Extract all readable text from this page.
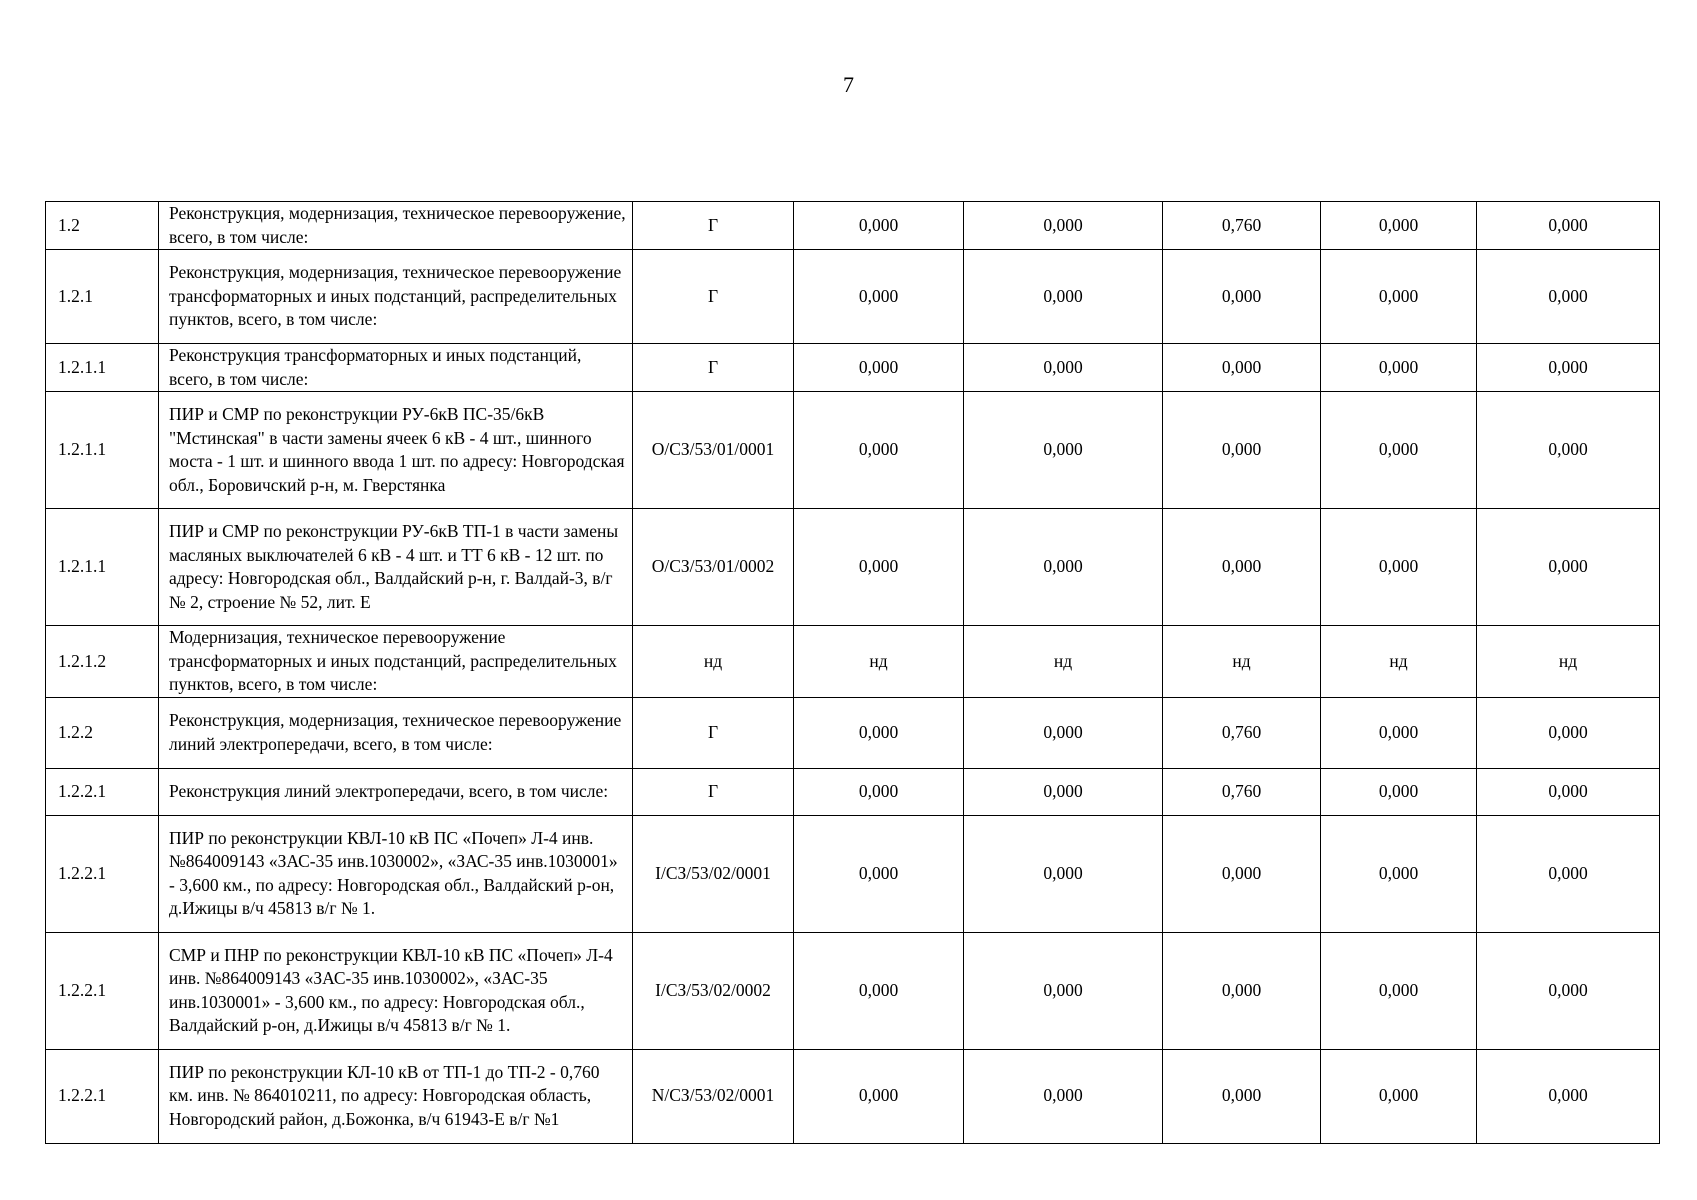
7
1.2	Реконструкция, модернизация, техническое перевооружение, всего, в том числе:	Г	0,000	0,000	0,760	0,000	0,000
1.2.1	Реконструкция, модернизация, техническое перевооружение трансформаторных и иных подстанций, распределительных пунктов, всего, в том числе:	Г	0,000	0,000	0,000	0,000	0,000
1.2.1.1	Реконструкция трансформаторных и иных подстанций, всего, в том числе:	Г	0,000	0,000	0,000	0,000	0,000
1.2.1.1	ПИР и СМР по реконструкции РУ-6кВ ПС-35/6кВ "Мстинская" в части замены ячеек 6 кВ - 4 шт., шинного моста - 1 шт. и шинного ввода 1 шт. по адресу: Новгородская обл., Боровичский р-н, м. Гверстянка	О/СЗ/53/01/0001	0,000	0,000	0,000	0,000	0,000
1.2.1.1	ПИР и СМР по реконструкции РУ-6кВ ТП-1 в части замены масляных выключателей 6 кВ - 4 шт. и ТТ 6 кВ - 12 шт. по адресу: Новгородская обл., Валдайский р-н, г. Валдай-3, в/г № 2, строение № 52, лит. Е	О/СЗ/53/01/0002	0,000	0,000	0,000	0,000	0,000
1.2.1.2	Модернизация, техническое перевооружение трансформаторных и иных подстанций, распределительных пунктов, всего, в том числе:	нд	нд	нд	нд	нд	нд
1.2.2	Реконструкция, модернизация, техническое перевооружение линий электропередачи, всего, в том числе:	Г	0,000	0,000	0,760	0,000	0,000
1.2.2.1	Реконструкция линий электропередачи, всего, в том числе:	Г	0,000	0,000	0,760	0,000	0,000
1.2.2.1	ПИР по реконструкции КВЛ-10 кВ ПС «Почеп» Л-4 инв. №864009143 «ЗАС-35 инв.1030002», «ЗАС-35 инв.1030001» - 3,600 км., по адресу: Новгородская обл., Валдайский р-он, д.Ижицы в/ч 45813 в/г № 1.	I/СЗ/53/02/0001	0,000	0,000	0,000	0,000	0,000
1.2.2.1	СМР и ПНР по реконструкции КВЛ-10 кВ ПС «Почеп» Л-4 инв. №864009143 «ЗАС-35 инв.1030002», «ЗАС-35 инв.1030001» - 3,600 км., по адресу: Новгородская обл., Валдайский р-он, д.Ижицы в/ч 45813 в/г № 1.	I/СЗ/53/02/0002	0,000	0,000	0,000	0,000	0,000
1.2.2.1	ПИР по реконструкции КЛ-10 кВ от ТП-1 до ТП-2 - 0,760 км. инв. № 864010211, по адресу: Новгородская область, Новгородский район, д.Божонка, в/ч 61943-Е в/г №1	N/СЗ/53/02/0001	0,000	0,000	0,000	0,000	0,000
